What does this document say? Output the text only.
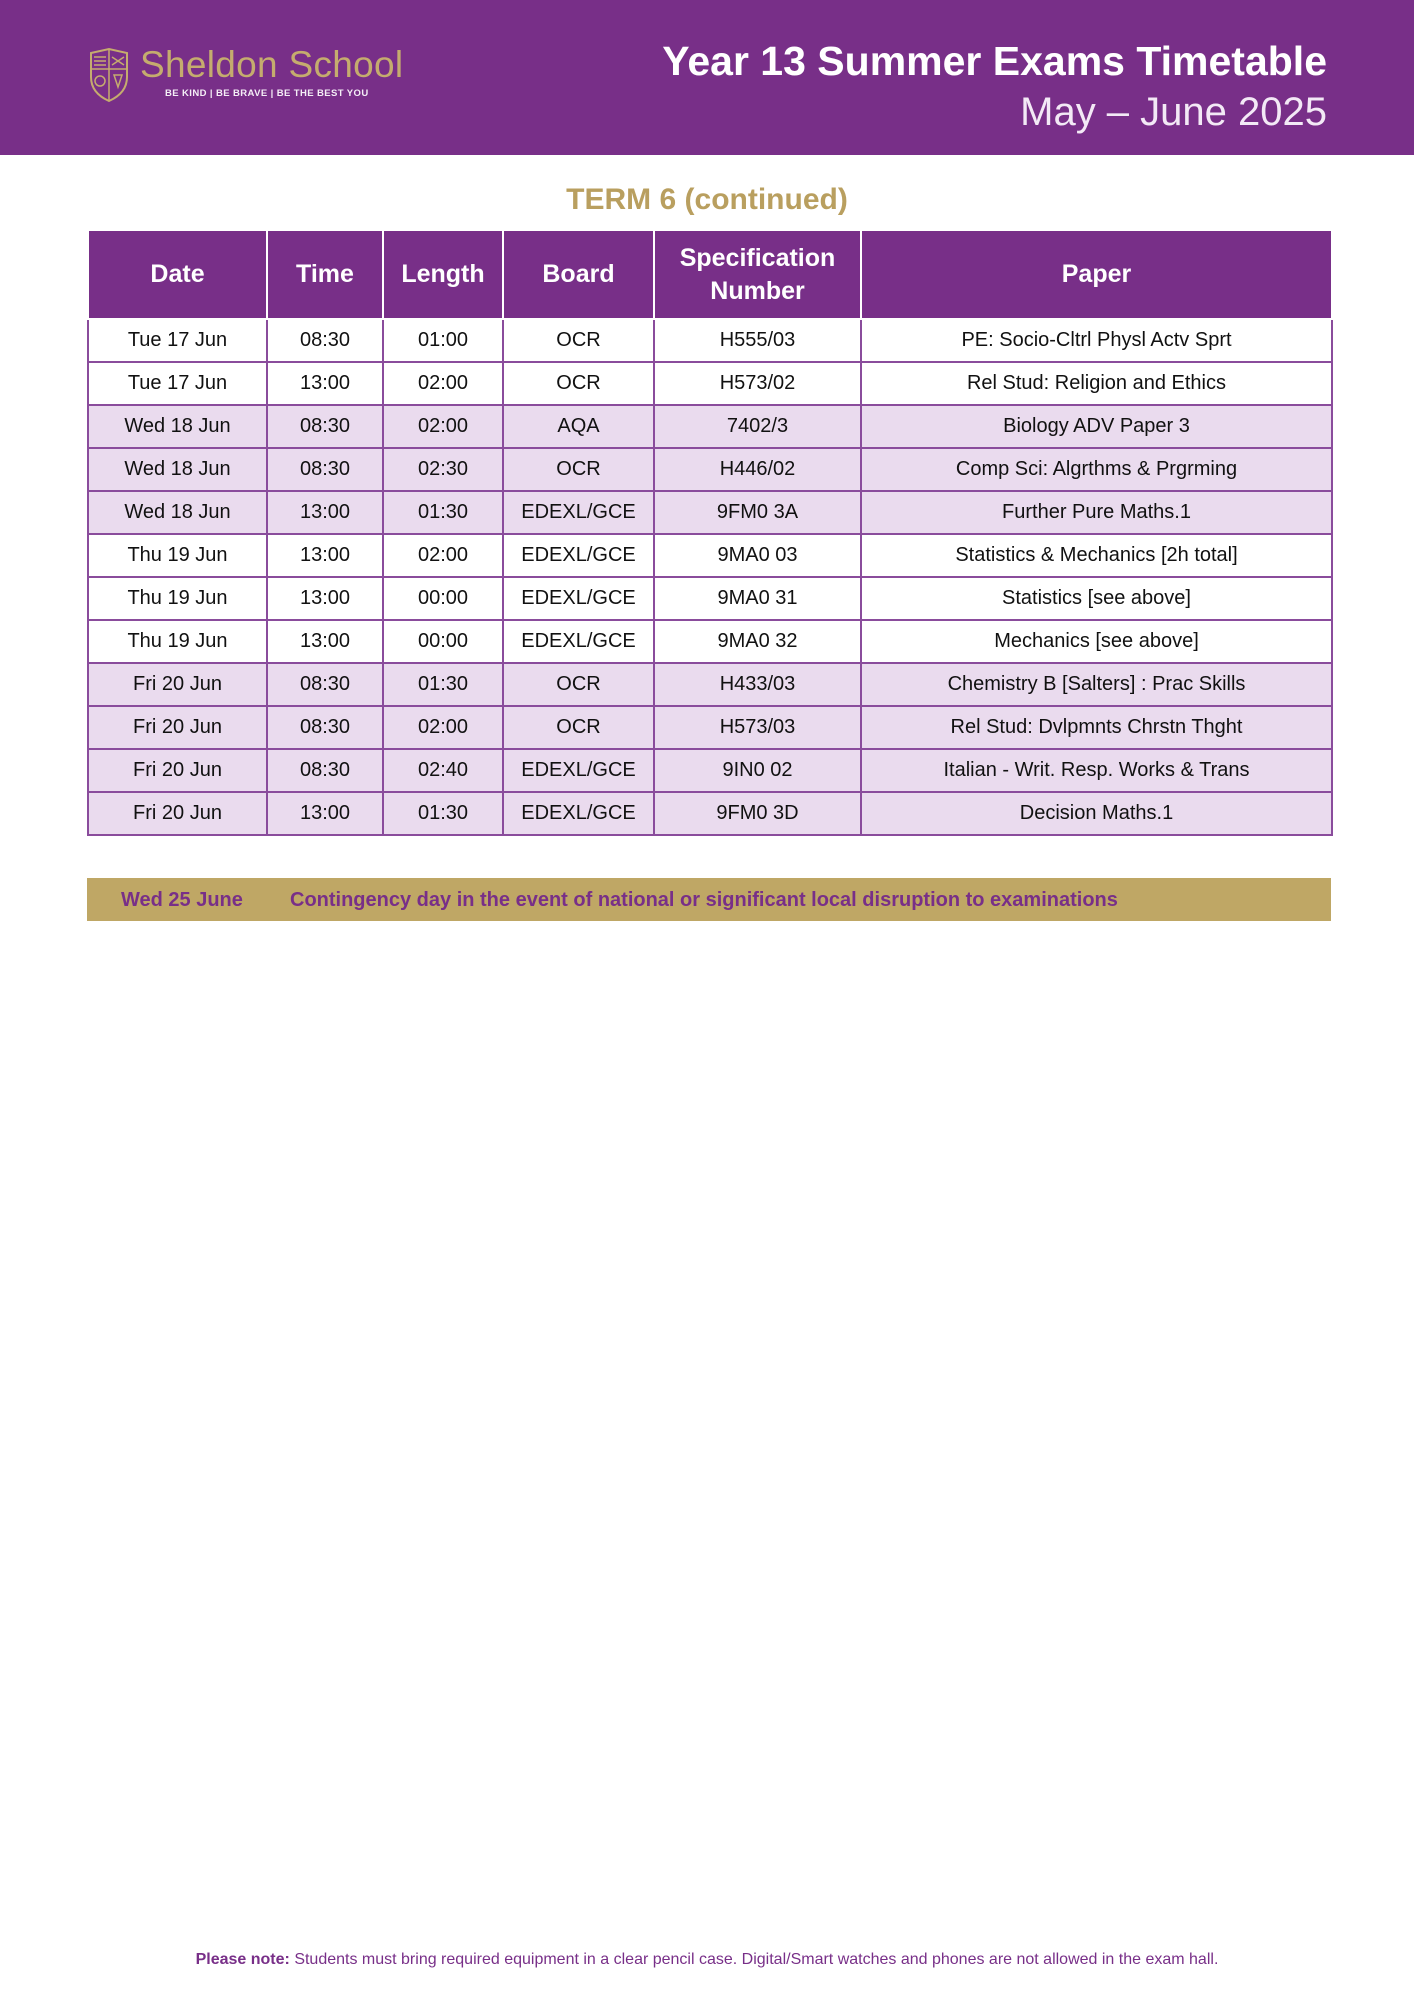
Sheldon School
BE KIND | BE BRAVE | BE THE BEST YOU
Year 13 Summer Exams Timetable
May – June 2025
TERM 6 (continued)
Date	Time	Length	Board	Specification Number	Paper
Tue 17 Jun	08:30	01:00	OCR	H555/03	PE: Socio-Cltrl Physl Actv Sprt
Tue 17 Jun	13:00	02:00	OCR	H573/02	Rel Stud: Religion and Ethics
Wed 18 Jun	08:30	02:00	AQA	7402/3	Biology ADV Paper 3
Wed 18 Jun	08:30	02:30	OCR	H446/02	Comp Sci: Algrthms & Prgrming
Wed 18 Jun	13:00	01:30	EDEXL/GCE	9FM0 3A	Further Pure Maths.1
Thu 19 Jun	13:00	02:00	EDEXL/GCE	9MA0 03	Statistics & Mechanics [2h total]
Thu 19 Jun	13:00	00:00	EDEXL/GCE	9MA0 31	Statistics [see above]
Thu 19 Jun	13:00	00:00	EDEXL/GCE	9MA0 32	Mechanics [see above]
Fri 20 Jun	08:30	01:30	OCR	H433/03	Chemistry B [Salters] : Prac Skills
Fri 20 Jun	08:30	02:00	OCR	H573/03	Rel Stud: Dvlpmnts Chrstn Thght
Fri 20 Jun	08:30	02:40	EDEXL/GCE	9IN0 02	Italian - Writ. Resp. Works & Trans
Fri 20 Jun	13:00	01:30	EDEXL/GCE	9FM0 3D	Decision Maths.1
Wed 25 June Contingency day in the event of national or significant local disruption to examinations
Please note: Students must bring required equipment in a clear pencil case. Digital/Smart watches and phones are not allowed in the exam hall.
